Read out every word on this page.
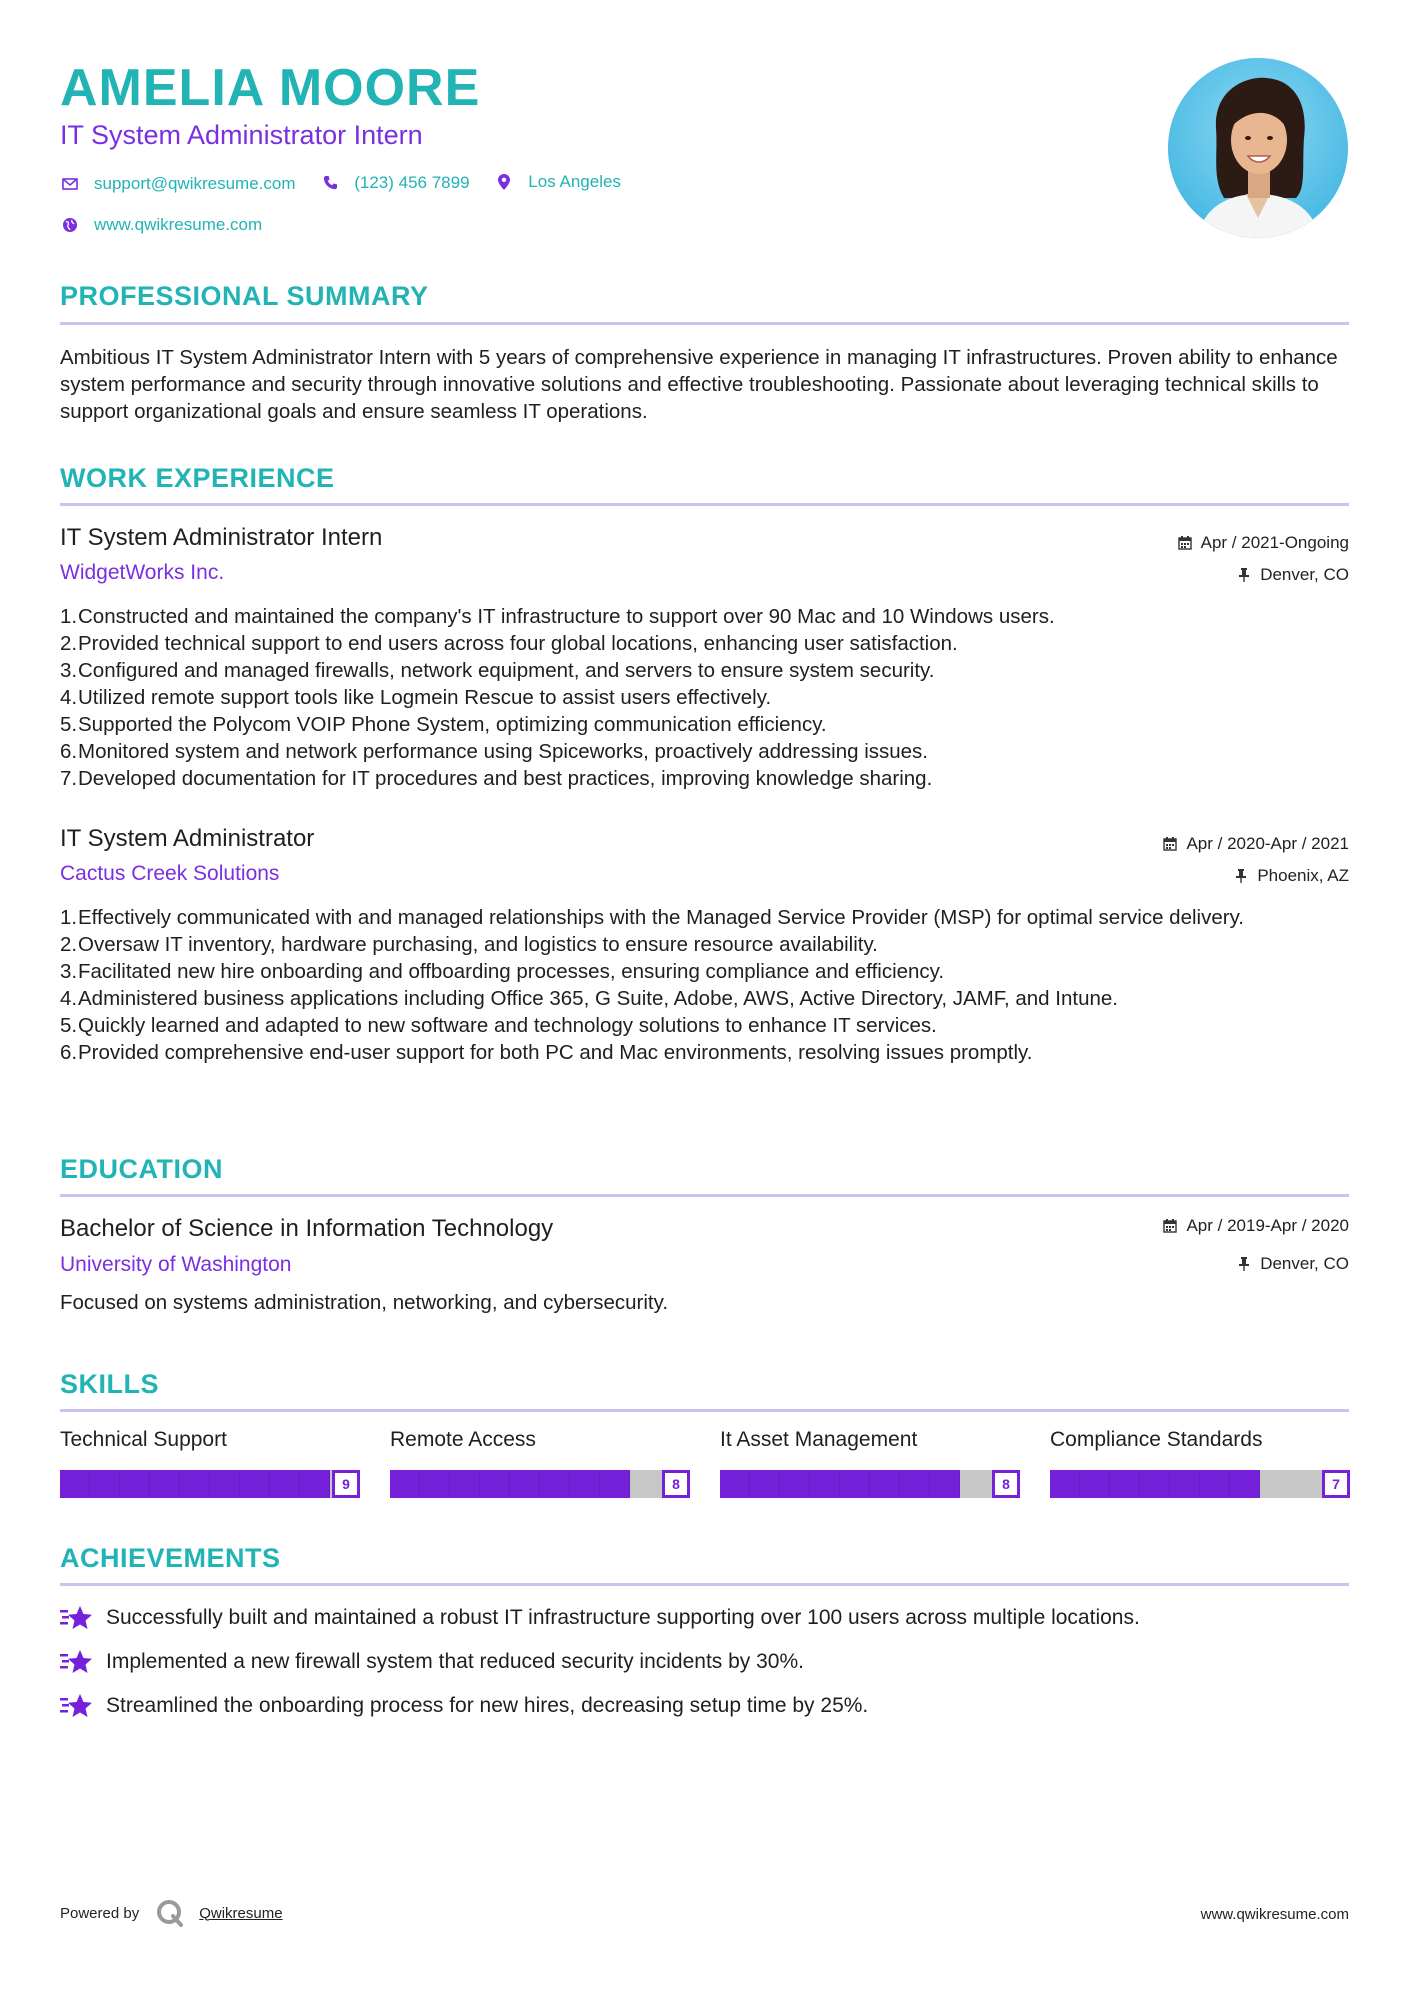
AMELIA MOORE
IT System Administrator Intern
support@qwikresume.com
	(123) 456 7899
	Los Angeles
www.qwikresume.com
PROFESSIONAL SUMMARY
Ambitious IT System Administrator Intern with 5 years of comprehensive experience in managing IT infrastructures. Proven ability to enhance system performance and security through innovative solutions and effective troubleshooting. Passionate about leveraging technical skills to support organizational goals and ensure seamless IT operations.
WORK EXPERIENCE
IT System Administrator Intern	Apr / 2021-Ongoing
WidgetWorks Inc.	Denver, CO
1. Constructed and maintained the company's IT infrastructure to support over 90 Mac and 10 Windows users.
2. Provided technical support to end users across four global locations, enhancing user satisfaction.
3. Configured and managed firewalls, network equipment, and servers to ensure system security.
4. Utilized remote support tools like Logmein Rescue to assist users effectively.
5. Supported the Polycom VOIP Phone System, optimizing communication efficiency.
6. Monitored system and network performance using Spiceworks, proactively addressing issues.
7. Developed documentation for IT procedures and best practices, improving knowledge sharing.
IT System Administrator	Apr / 2020-Apr / 2021
Cactus Creek Solutions	Phoenix, AZ
1. Effectively communicated with and managed relationships with the Managed Service Provider (MSP) for optimal service delivery.
2. Oversaw IT inventory, hardware purchasing, and logistics to ensure resource availability.
3. Facilitated new hire onboarding and offboarding processes, ensuring compliance and efficiency.
4. Administered business applications including Office 365, G Suite, Adobe, AWS, Active Directory, JAMF, and Intune.
5. Quickly learned and adapted to new software and technology solutions to enhance IT services.
6. Provided comprehensive end-user support for both PC and Mac environments, resolving issues promptly.
EDUCATION
Bachelor of Science in Information Technology	Apr / 2019-Apr / 2020
University of Washington	Denver, CO
Focused on systems administration, networking, and cybersecurity.
SKILLS
Technical Support
9
Remote Access
8
It Asset Management
8
Compliance Standards
7
ACHIEVEMENTS
Successfully built and maintained a robust IT infrastructure supporting over 100 users across multiple locations.
Implemented a new firewall system that reduced security incidents by 30%.
Streamlined the onboarding process for new hires, decreasing setup time by 25%.
Powered by	Qwikresume	www.qwikresume.com
